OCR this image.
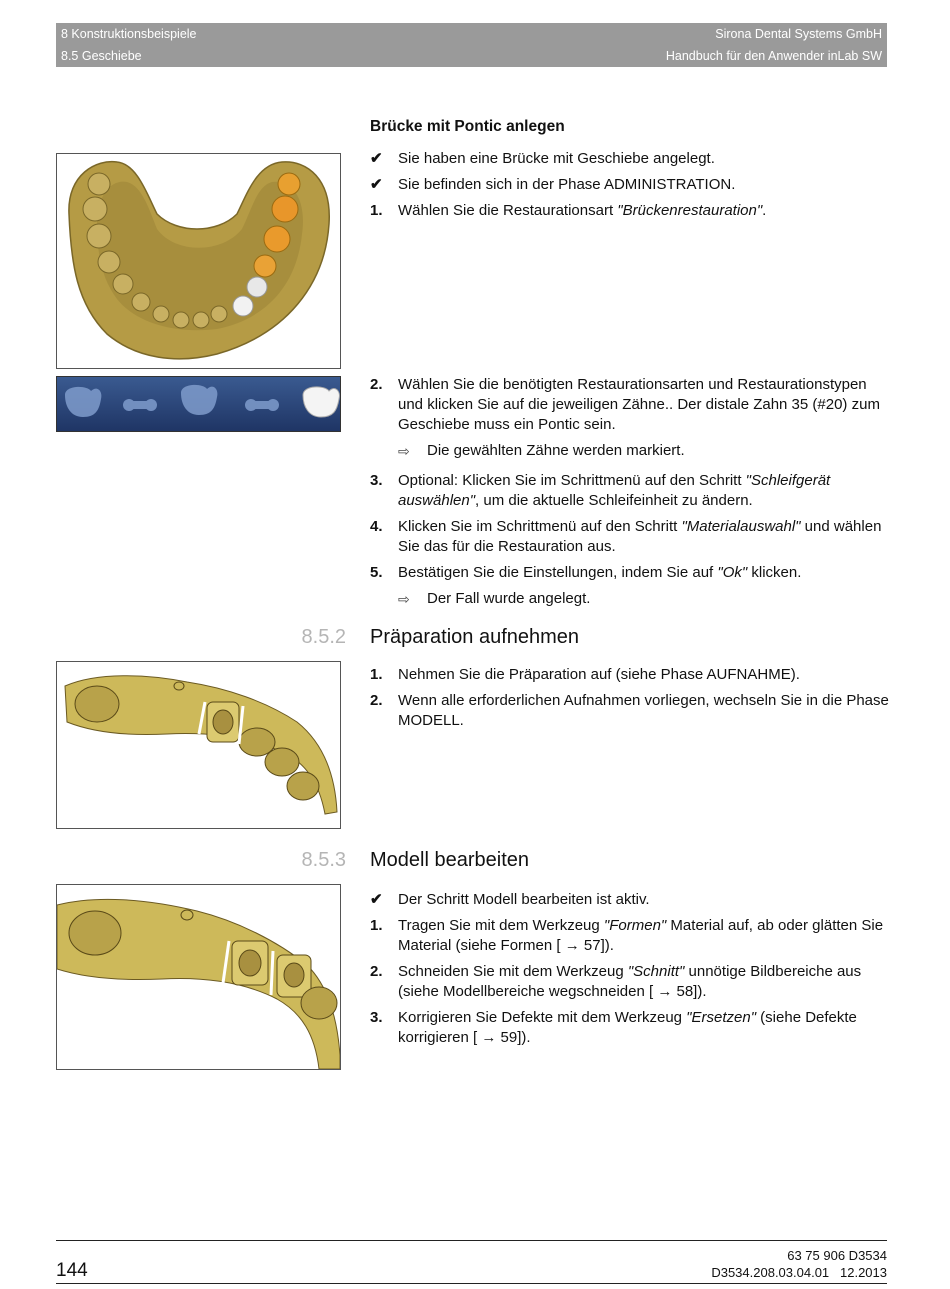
8 Konstruktionsbeispiele
8.5 Geschiebe
Sirona Dental Systems GmbH
Handbuch für den Anwender inLab SW
Brücke mit Pontic anlegen
✔ Sie haben eine Brücke mit Geschiebe angelegt.
✔ Sie befinden sich in der Phase ADMINISTRATION.
1. Wählen Sie die Restaurationsart "Brückenrestauration".
2. Wählen Sie die benötigten Restaurationsarten und Restaurationstypen und klicken Sie auf die jeweiligen Zähne.. Der distale Zahn 35 (#20) zum Geschiebe muss ein Pontic sein.
⇨ Die gewählten Zähne werden markiert.
3. Optional: Klicken Sie im Schrittmenü auf den Schritt "Schleifgerät auswählen", um die aktuelle Schleifeinheit zu ändern.
4. Klicken Sie im Schrittmenü auf den Schritt "Materialauswahl" und wählen Sie das für die Restauration aus.
5. Bestätigen Sie die Einstellungen, indem Sie auf "Ok" klicken.
⇨ Der Fall wurde angelegt.
8.5.2 Präparation aufnehmen
1. Nehmen Sie die Präparation auf (siehe Phase AUFNAHME).
2. Wenn alle erforderlichen Aufnahmen vorliegen, wechseln Sie in die Phase MODELL.
8.5.3 Modell bearbeiten
✔ Der Schritt Modell bearbeiten ist aktiv.
1. Tragen Sie mit dem Werkzeug "Formen" Material auf, ab oder glätten Sie Material (siehe Formen [ → 57]).
2. Schneiden Sie mit dem Werkzeug "Schnitt" unnötige Bildbereiche aus (siehe Modellbereiche wegschneiden [ → 58]).
3. Korrigieren Sie Defekte mit dem Werkzeug "Ersetzen" (siehe Defekte korrigieren [ → 59]).
144
63 75 906 D3534
D3534.208.03.04.01 12.2013
